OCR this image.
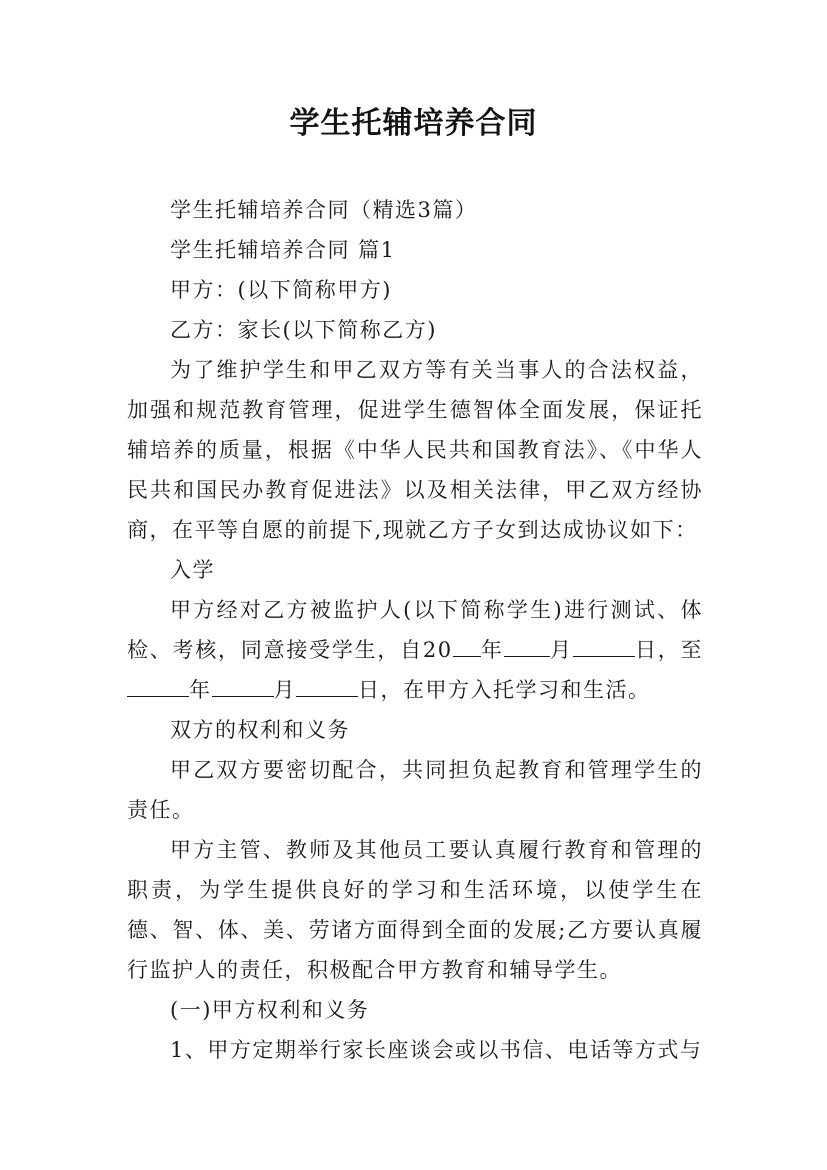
学生托辅培养合同

学生托辅培养合同（精选3篇）

学生托辅培养合同 篇1

甲方：(以下简称甲方)

乙方：家长(以下简称乙方)

为了维护学生和甲乙双方等有关当事人的合法权益，加强和规范教育管理，促进学生德智体全面发展，保证托辅培养的质量，根据《中华人民共和国教育法》、《中华人民共和国民办教育促进法》以及相关法律，甲乙双方经协商，在平等自愿的前提下,现就乙方子女到达成协议如下：

入学

甲方经对乙方被监护人(以下简称学生)进行测试、体检、考核，同意接受学生，自20 年 月	日，至年	月	日，在甲方入托学习和生活。

双方的权利和义务

甲乙双方要密切配合，共同担负起教育和管理学生的责任。

甲方主管、教师及其他员工要认真履行教育和管理的职责，为学生提供良好的学习和生活环境，以使学生在德、智、体、美、劳诸方面得到全面的发展;乙方要认真履行监护人的责任，积极配合甲方教育和辅导学生。

(一)甲方权利和义务

1、甲方定期举行家长座谈会或以书信、电话等方式与
